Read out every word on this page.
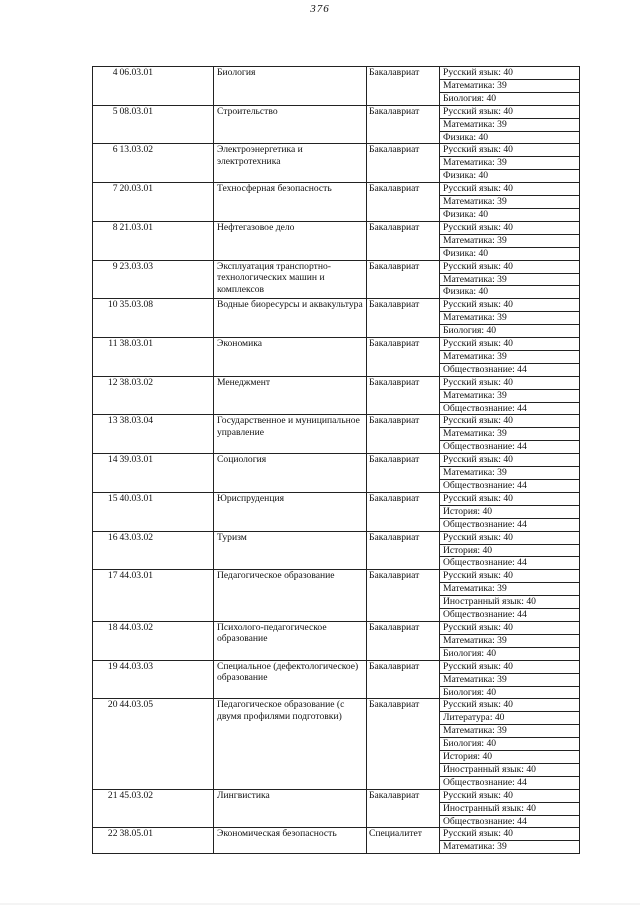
376
4	06.03.01	Биология	Бакалавриат	Русский язык: 40
				Математика: 39
				Биология: 40
5	08.03.01	Строительство	Бакалавриат	Русский язык: 40
				Математика: 39
				Физика: 40
6	13.03.02	Электроэнергетика и электротехника	Бакалавриат	Русский язык: 40
				Математика: 39
				Физика: 40
7	20.03.01	Техносферная безопасность	Бакалавриат	Русский язык: 40
				Математика: 39
				Физика: 40
8	21.03.01	Нефтегазовое дело	Бакалавриат	Русский язык: 40
				Математика: 39
				Физика: 40
9	23.03.03	Эксплуатация транспортно-технологических машин и комплексов	Бакалавриат	Русский язык: 40
				Математика: 39
				Физика: 40
10	35.03.08	Водные биоресурсы и аквакультура	Бакалавриат	Русский язык: 40
				Математика: 39
				Биология: 40
11	38.03.01	Экономика	Бакалавриат	Русский язык: 40
				Математика: 39
				Обществознание: 44
12	38.03.02	Менеджмент	Бакалавриат	Русский язык: 40
				Математика: 39
				Обществознание: 44
13	38.03.04	Государственное и муниципальное управление	Бакалавриат	Русский язык: 40
				Математика: 39
				Обществознание: 44
14	39.03.01	Социология	Бакалавриат	Русский язык: 40
				Математика: 39
				Обществознание: 44
15	40.03.01	Юриспруденция	Бакалавриат	Русский язык: 40
				История: 40
				Обществознание: 44
16	43.03.02	Туризм	Бакалавриат	Русский язык: 40
				История: 40
				Обществознание: 44
17	44.03.01	Педагогическое образование	Бакалавриат	Русский язык: 40
				Математика: 39
				Иностранный язык: 40
				Обществознание: 44
18	44.03.02	Психолого-педагогическое образование	Бакалавриат	Русский язык: 40
				Математика: 39
				Биология: 40
19	44.03.03	Специальное (дефектологическое) образование	Бакалавриат	Русский язык: 40
				Математика: 39
				Биология: 40
20	44.03.05	Педагогическое образование (с двумя профилями подготовки)	Бакалавриат	Русский язык: 40
				Литература: 40
				Математика: 39
				Биология: 40
				История: 40
				Иностранный язык: 40
				Обществознание: 44
21	45.03.02	Лингвистика	Бакалавриат	Русский язык: 40
				Иностранный язык: 40
				Обществознание: 44
22	38.05.01	Экономическая безопасность	Специалитет	Русский язык: 40
				Математика: 39
